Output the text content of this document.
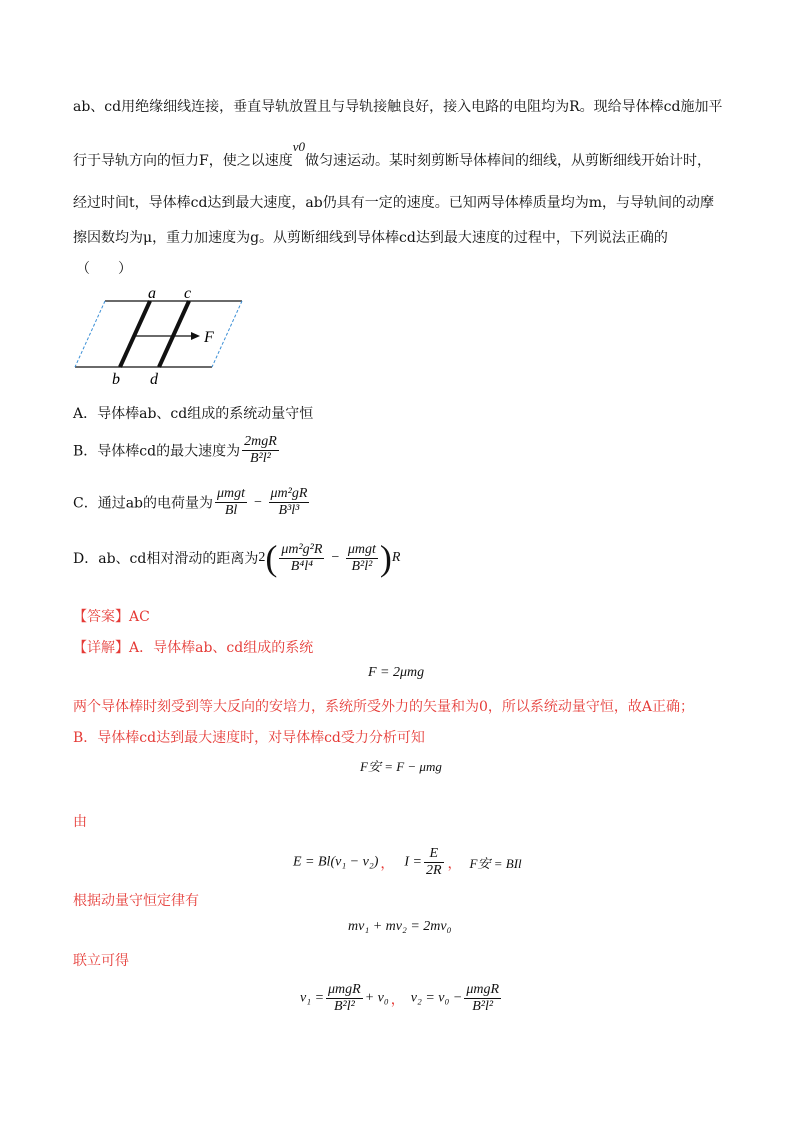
ab、cd用绝缘细线连接，垂直导轨放置且与导轨接触良好，接入电路的电阻均为R。现给导体棒cd施加平
行于导轨方向的恒力F，使之以速度v0做匀速运动。某时刻剪断导体棒间的细线，从剪断细线开始计时，
经过时间t，导体棒cd达到最大速度，ab仍具有一定的速度。已知两导体棒质量均为m，与导轨间的动摩
擦因数均为μ，重力加速度为g。从剪断细线到导体棒cd达到最大速度的过程中，下列说法正确的
（　　）
a c
b d
F
A．导体棒ab、cd组成的系统动量守恒
B．导体棒cd的最大速度为 $\frac{\text{2mgR}}{\text{B²l²}}$
C．通过ab的电荷量为 $\frac{\text{μmgt}}{Bl} - \frac{\text{μm²gR}}{\text{B³l³}}$
D．ab、cd相对滑动的距离为$2( \frac{\text{μm²g²R}}{\text{B⁴l⁴}} - \frac{\text{μmgt}}{\text{B²l²}} )R$
【答案】AC
【详解】A．导体棒ab、cd组成的系统
F = 2μmg
两个导体棒时刻受到等大反向的安培力，系统所受外力的矢量和为0，所以系统动量守恒，故A正确；
B．导体棒cd达到最大速度时，对导体棒cd受力分析可知
F安 = F − μmg
由
E = Bl(v₁ − v₂) ， $I = \frac{E}{2R}$ ， F安 = BIl
根据动量守恒定律有
mv₁ + mv₂ = 2mv₀
联立可得
$v_1 = \frac{\text{μmgR}}{\text{B²l²}} + v_0$ ， $v_2 = v_0 - \frac{\text{μmgR}}{\text{B²l²}}$
